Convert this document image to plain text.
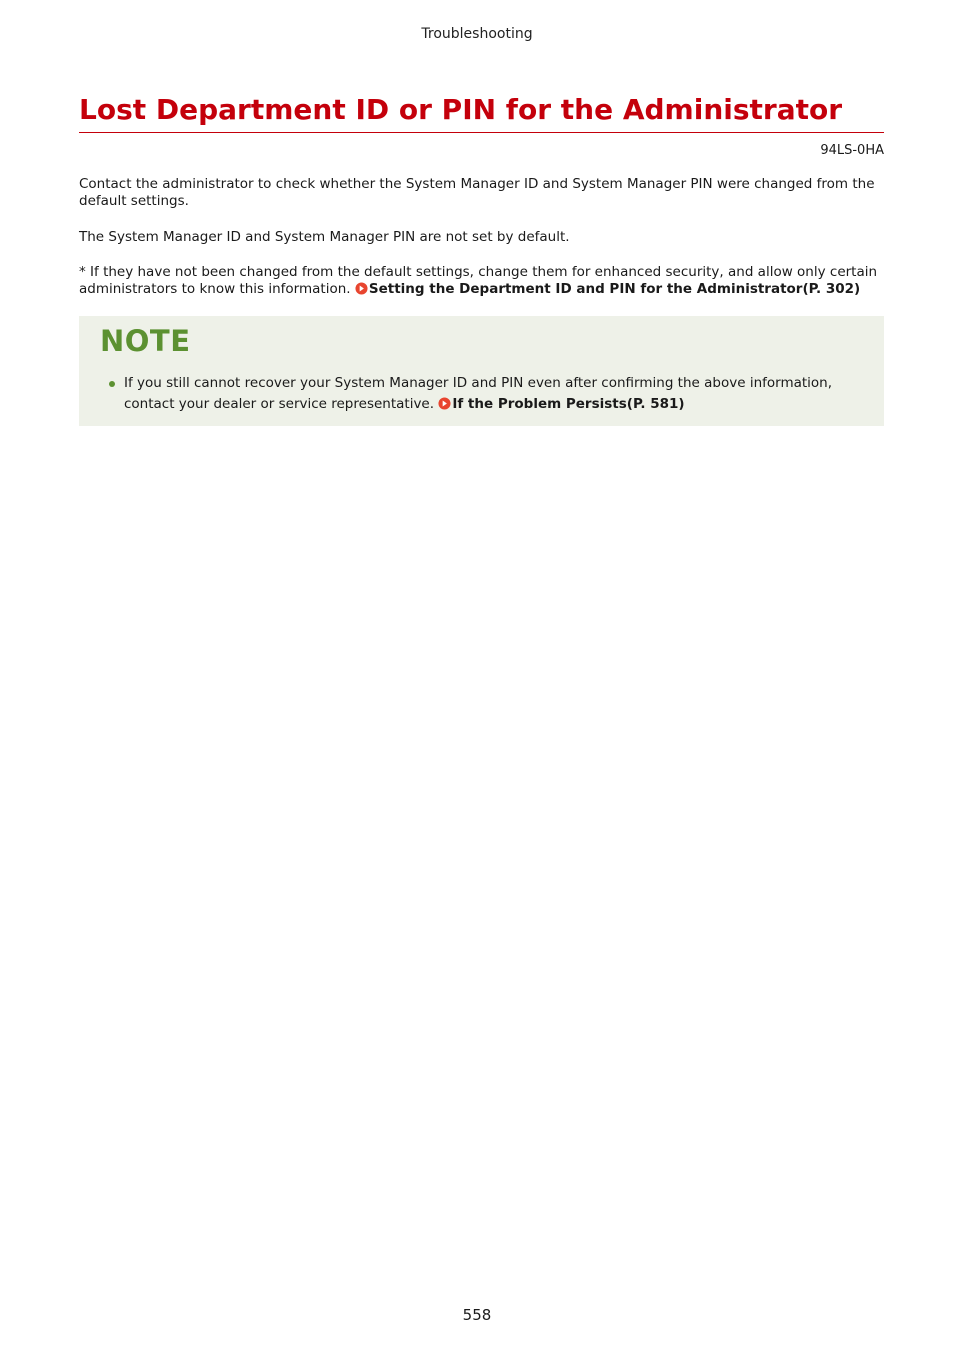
Troubleshooting
Lost Department ID or PIN for the Administrator
94LS-0HA

Contact the administrator to check whether the System Manager ID and System Manager PIN were changed from the default settings.

The System Manager ID and System Manager PIN are not set by default.

* If they have not been changed from the default settings, change them for enhanced security, and allow only certain administrators to know this information. Setting the Department ID and PIN for the Administrator(P. 302)

NOTE
If you still cannot recover your System Manager ID and PIN even after confirming the above information, contact your dealer or service representative. If the Problem Persists(P. 581)
558
